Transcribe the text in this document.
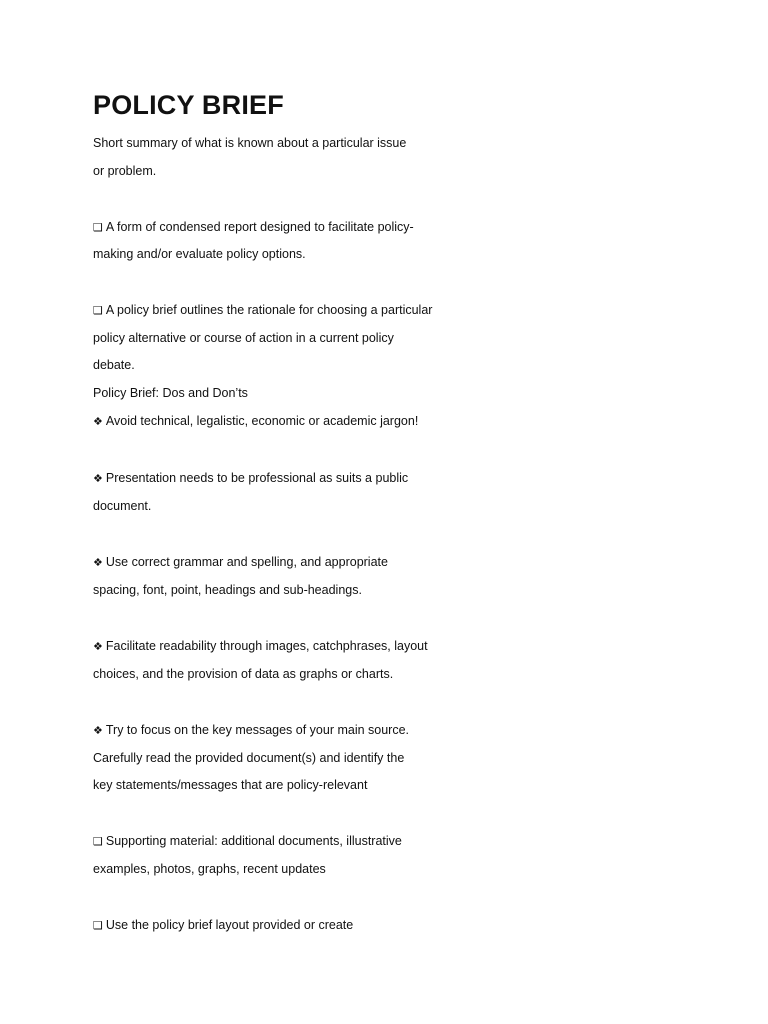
POLICY BRIEF

Short summary of what is known about a particular issue

or problem.

❑ A form of condensed report designed to facilitate policy-

making and/or evaluate policy options.

❑ A policy brief outlines the rationale for choosing a particular

policy alternative or course of action in a current policy

debate.

Policy Brief: Dos and Don’ts

❖ Avoid technical, legalistic, economic or academic jargon!

❖ Presentation needs to be professional as suits a public

document.

❖ Use correct grammar and spelling, and appropriate

spacing, font, point, headings and sub-headings.

❖ Facilitate readability through images, catchphrases, layout

choices, and the provision of data as graphs or charts.

❖ Try to focus on the key messages of your main source.

Carefully read the provided document(s) and identify the

key statements/messages that are policy-relevant

❑ Supporting material: additional documents, illustrative

examples, photos, graphs, recent updates

❑ Use the policy brief layout provided or create
